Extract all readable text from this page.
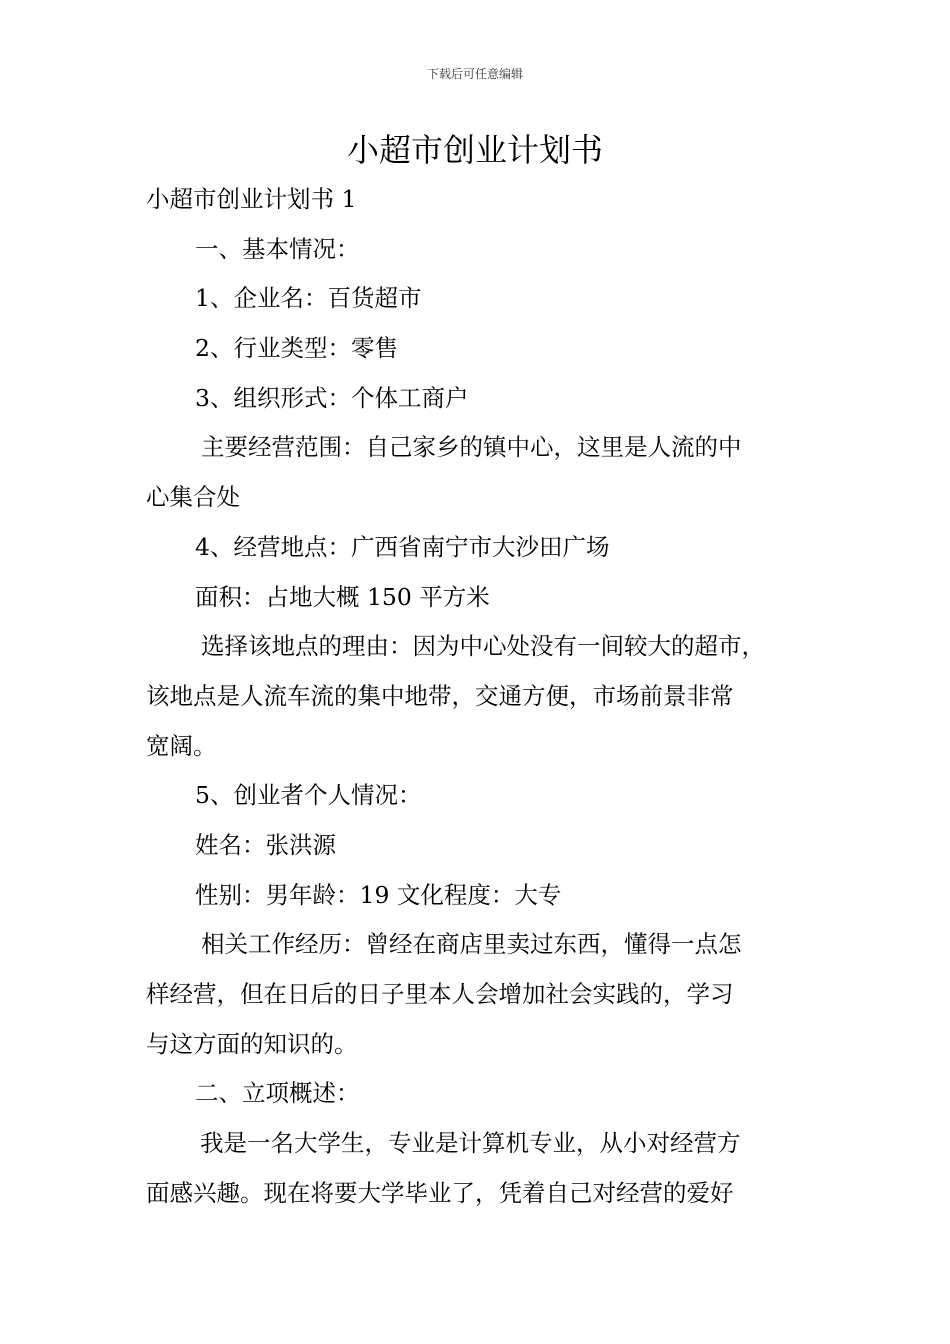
下载后可任意编辑
小超市创业计划书

小超市创业计划书 1

一、基本情况：

1、企业名：百货超市

2、行业类型：零售

3、组织形式：个体工商户

主要经营范围：自己家乡的镇中心，这里是人流的中

心集合处

4、经营地点：广西省南宁市大沙田广场

面积：占地大概 150 平方米

选择该地点的理由：因为中心处没有一间较大的超市，

该地点是人流车流的集中地带，交通方便，市场前景非常

宽阔。

5、创业者个人情况：

姓名：张洪源

性别：男年龄：19 文化程度：大专

相关工作经历：曾经在商店里卖过东西，懂得一点怎

样经营，但在日后的日子里本人会增加社会实践的，学习

与这方面的知识的。

二、立项概述：

我是一名大学生，专业是计算机专业，从小对经营方

面感兴趣。现在将要大学毕业了，凭着自己对经营的爱好
